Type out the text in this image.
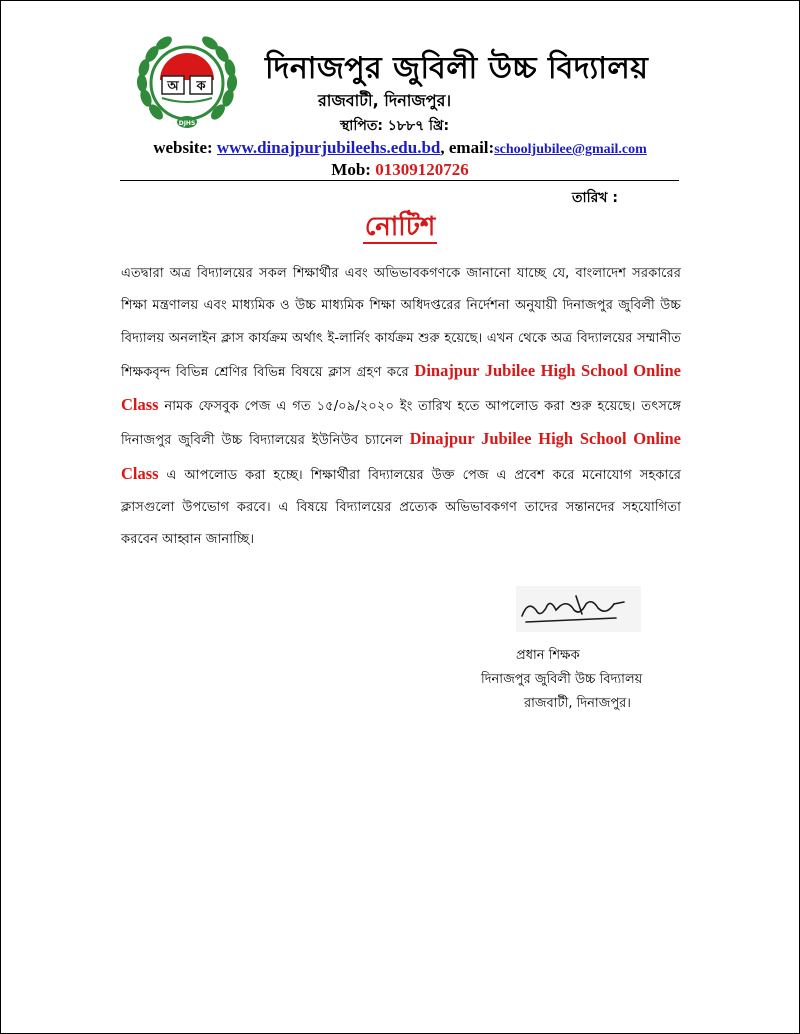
অ ক
DJHS
দিনাজপুর জুবিলী উচ্চ বিদ্যালয়
রাজবাটী, দিনাজপুর।
স্থাপিত: ১৮৮৭ খ্রি:
website: www.dinajpurjubileehs.edu.bd, email:schooljubilee@gmail.com
Mob: 01309120726
তারিখ :
নোটিশ
এতদ্বারা অত্র বিদ্যালয়ের সকল শিক্ষার্থীর এবং অভিভাবকগণকে জানানো যাচ্ছে যে, বাংলাদেশ সরকারের শিক্ষা মন্ত্রণালয় এবং মাধ্যমিক ও উচ্চ মাধ্যমিক শিক্ষা অধিদপ্তরের নির্দেশনা অনুযায়ী দিনাজপুর জুবিলী উচ্চ বিদ্যালয় অনলাইন ক্লাস কার্যক্রম অর্থাৎ ই-লার্নিং কার্যক্রম শুরু হয়েছে। এখন থেকে অত্র বিদ্যালয়ের সম্মানীত শিক্ষকবৃন্দ বিভিন্ন শ্রেণির বিভিন্ন বিষয়ে ক্লাস গ্রহণ করে Dinajpur Jubilee High School Online Class নামক ফেসবুক পেজ এ গত ১৫/০৯/২০২০ ইং তারিখ হতে আপলোড করা শুরু হয়েছে। তৎসঙ্গে দিনাজপুর জুবিলী উচ্চ বিদ্যালয়ের ইউনিউব চ্যানেল Dinajpur Jubilee High School Online Class এ আপলোড করা হচ্ছে। শিক্ষার্থীরা বিদ্যালয়ের উক্ত পেজ এ প্রবেশ করে মনোযোগ সহকারে ক্লাসগুলো উপভোগ করবে। এ বিষয়ে বিদ্যালয়ের প্রত্যেক অভিভাবকগণ তাদের সন্তানদের সহযোগিতা করবেন আহ্বান জানাচ্ছি।
প্রধান শিক্ষক
দিনাজপুর জুবিলী উচ্চ বিদ্যালয়
রাজবাটী, দিনাজপুর।
